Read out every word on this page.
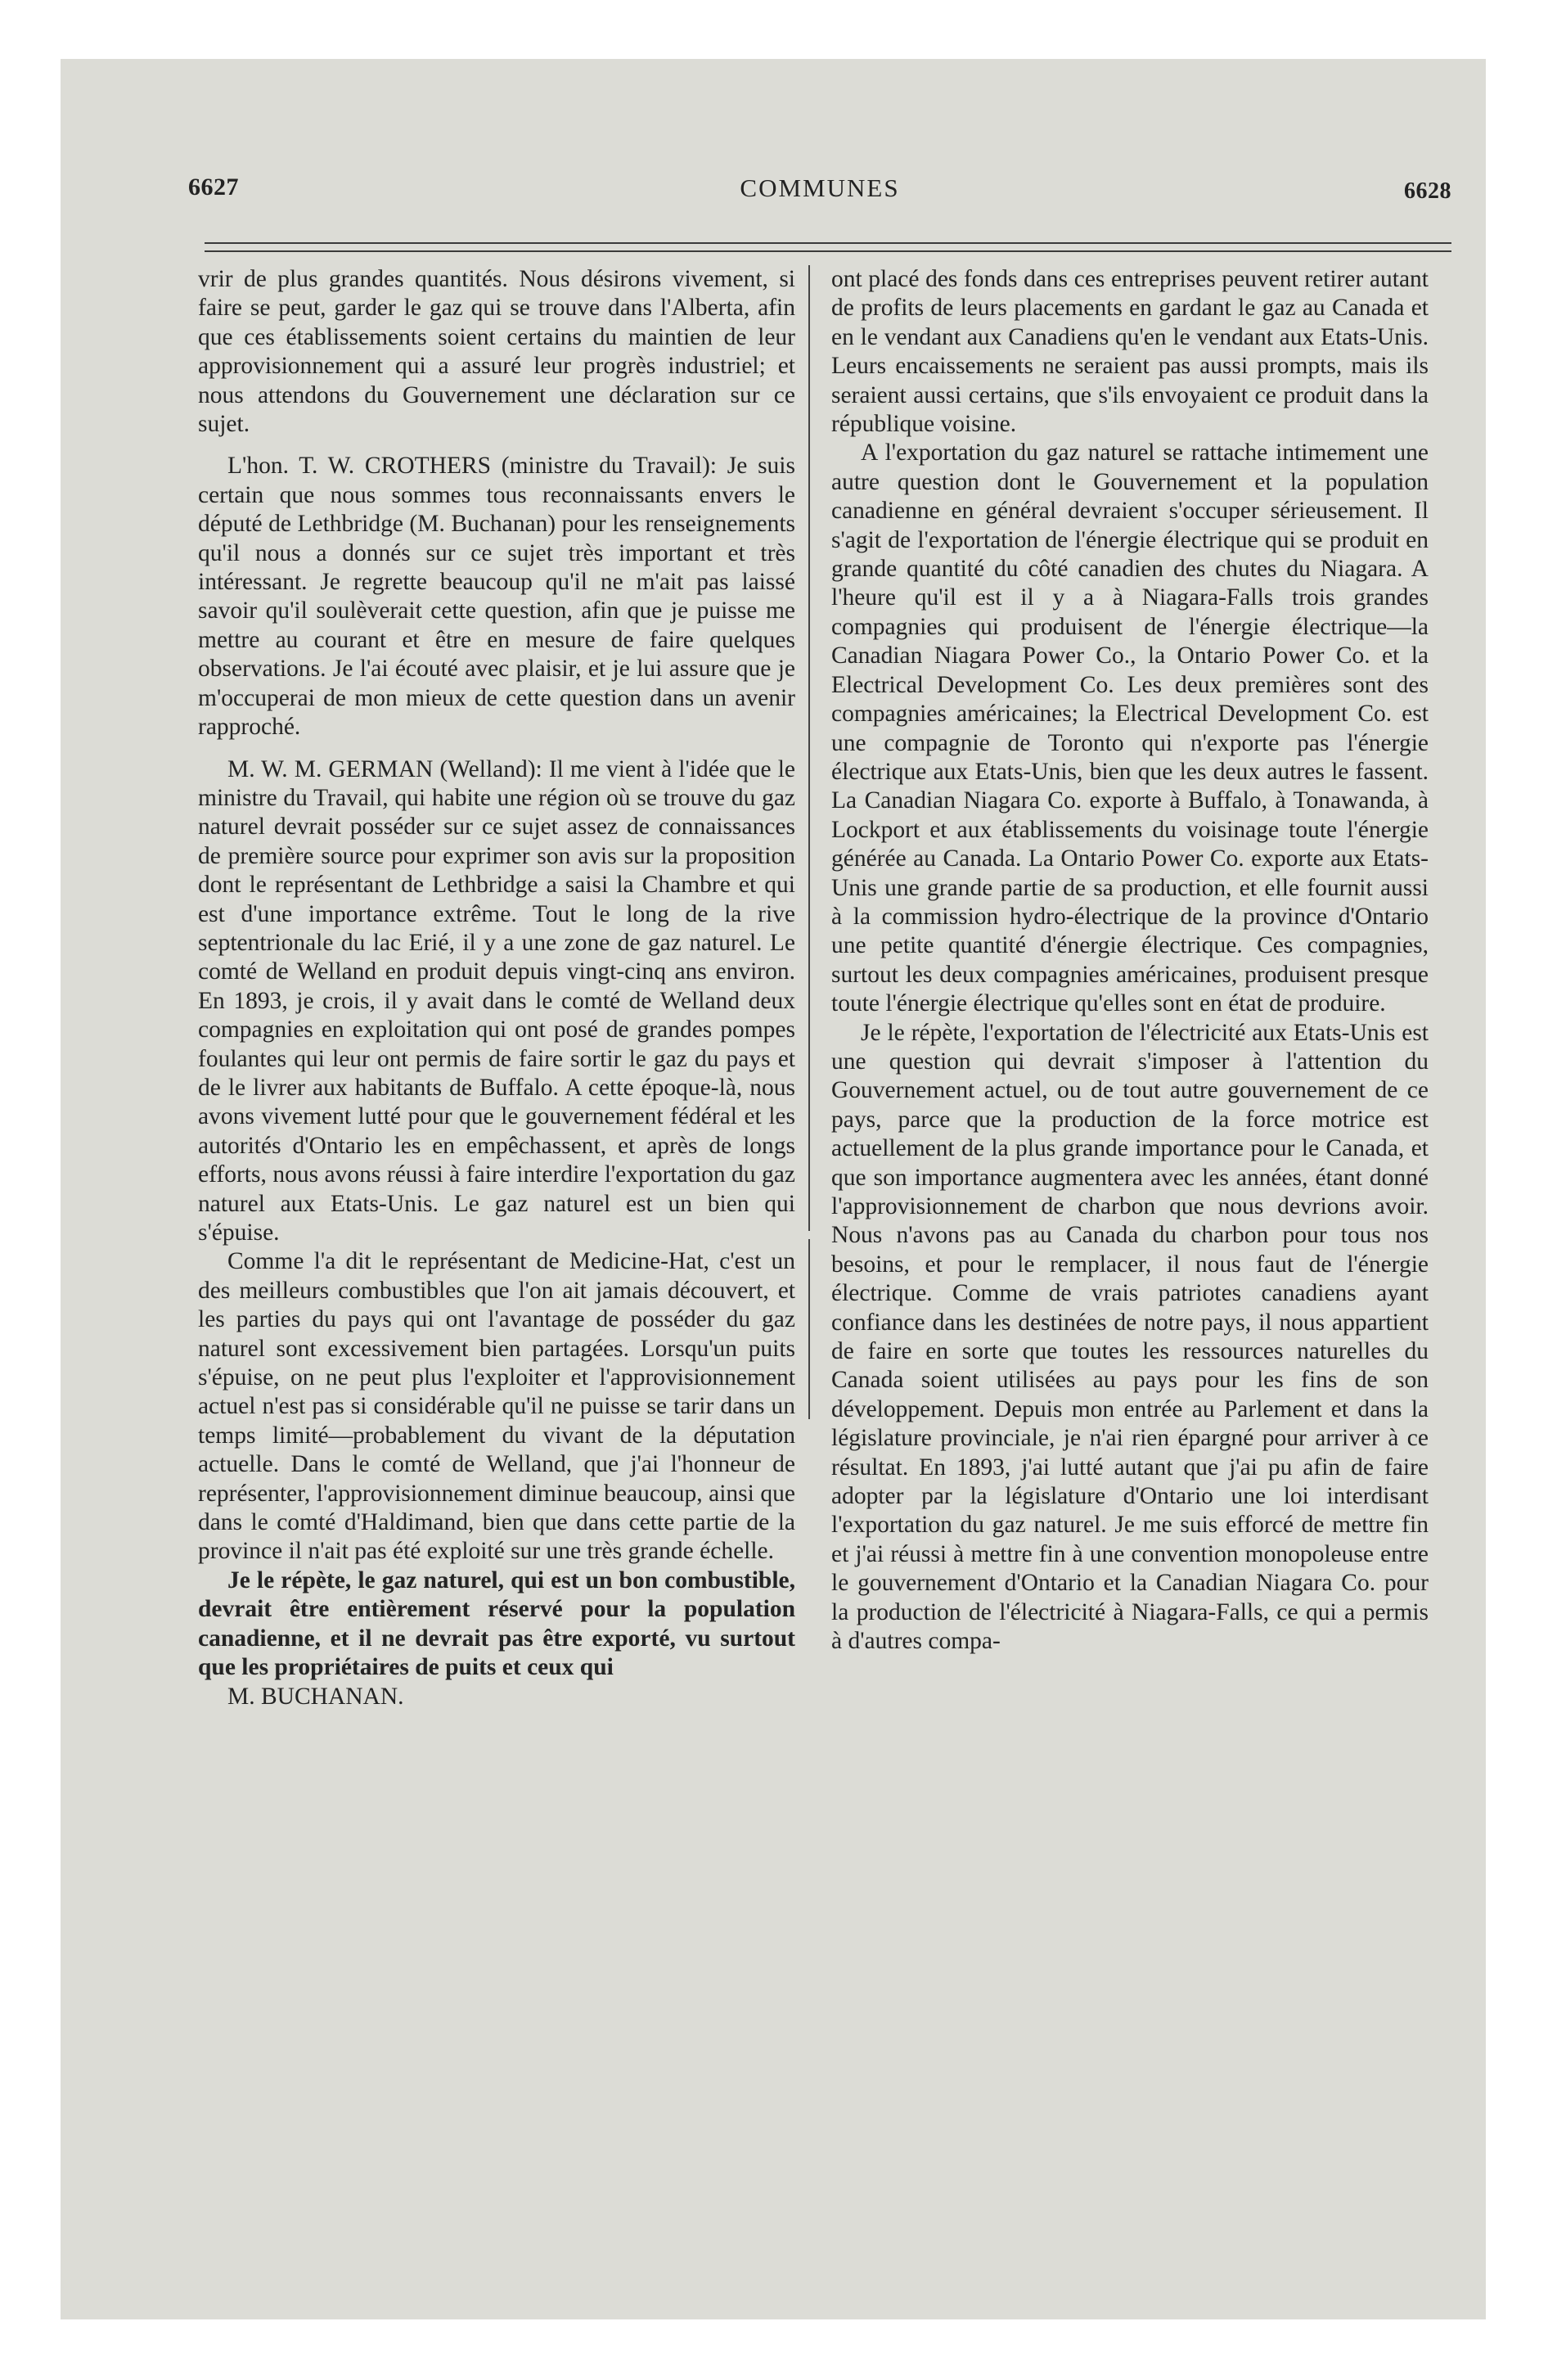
6627	COMMUNES	6628

vrir de plus grandes quantités. Nous désirons vivement, si faire se peut, garder le gaz qui se trouve dans l'Alberta, afin que ces établissements soient certains du maintien de leur approvisionnement qui a assuré leur progrès industriel; et nous attendons du Gouvernement une déclaration sur ce sujet.

L'hon. T. W. CROTHERS (ministre du Travail): Je suis certain que nous sommes tous reconnaissants envers le député de Lethbridge (M. Buchanan) pour les renseignements qu'il nous a donnés sur ce sujet très important et très intéressant. Je regrette beaucoup qu'il ne m'ait pas laissé savoir qu'il soulèverait cette question, afin que je puisse me mettre au courant et être en mesure de faire quelques observations. Je l'ai écouté avec plaisir, et je lui assure que je m'occuperai de mon mieux de cette question dans un avenir rapproché.

M. W. M. GERMAN (Welland): Il me vient à l'idée que le ministre du Travail, qui habite une région où se trouve du gaz naturel devrait posséder sur ce sujet assez de connaissances de première source pour exprimer son avis sur la proposition dont le représentant de Lethbridge a saisi la Chambre et qui est d'une importance extrême. Tout le long de la rive septentrionale du lac Erié, il y a une zone de gaz naturel. Le comté de Welland en produit depuis vingt-cinq ans environ. En 1893, je crois, il y avait dans le comté de Welland deux compagnies en exploitation qui ont posé de grandes pompes foulantes qui leur ont permis de faire sortir le gaz du pays et de le livrer aux habitants de Buffalo. A cette époque-là, nous avons vivement lutté pour que le gouvernement fédéral et les autorités d'Ontario les en empêchassent, et après de longs efforts, nous avons réussi à faire interdire l'exportation du gaz naturel aux Etats-Unis. Le gaz naturel est un bien qui s'épuise.

Comme l'a dit le représentant de Medicine-Hat, c'est un des meilleurs combustibles que l'on ait jamais découvert, et les parties du pays qui ont l'avantage de posséder du gaz naturel sont excessivement bien partagées. Lorsqu'un puits s'épuise, on ne peut plus l'exploiter et l'approvisionnement actuel n'est pas si considérable qu'il ne puisse se tarir dans un temps limité—probablement du vivant de la députation actuelle. Dans le comté de Welland, que j'ai l'honneur de représenter, l'approvisionnement diminue beaucoup, ainsi que dans le comté d'Haldimand, bien que dans cette partie de la province il n'ait pas été exploité sur une très grande échelle.

Je le répète, le gaz naturel, qui est un bon combustible, devrait être entièrement réservé pour la population canadienne, et il ne devrait pas être exporté, vu surtout que les propriétaires de puits et ceux qui

M. BUCHANAN.

ont placé des fonds dans ces entreprises peuvent retirer autant de profits de leurs placements en gardant le gaz au Canada et en le vendant aux Canadiens qu'en le vendant aux Etats-Unis. Leurs encaissements ne seraient pas aussi prompts, mais ils seraient aussi certains, que s'ils envoyaient ce produit dans la république voisine.

A l'exportation du gaz naturel se rattache intimement une autre question dont le Gouvernement et la population canadienne en général devraient s'occuper sérieusement. Il s'agit de l'exportation de l'énergie électrique qui se produit en grande quantité du côté canadien des chutes du Niagara. A l'heure qu'il est il y a à Niagara-Falls trois grandes compagnies qui produisent de l'énergie électrique—la Canadian Niagara Power Co., la Ontario Power Co. et la Electrical Development Co. Les deux premières sont des compagnies américaines; la Electrical Development Co. est une compagnie de Toronto qui n'exporte pas l'énergie électrique aux Etats-Unis, bien que les deux autres le fassent. La Canadian Niagara Co. exporte à Buffalo, à Tonawanda, à Lockport et aux établissements du voisinage toute l'énergie générée au Canada. La Ontario Power Co. exporte aux Etats-Unis une grande partie de sa production, et elle fournit aussi à la commission hydro-électrique de la province d'Ontario une petite quantité d'énergie électrique. Ces compagnies, surtout les deux compagnies américaines, produisent presque toute l'énergie électrique qu'elles sont en état de produire.

Je le répète, l'exportation de l'électricité aux Etats-Unis est une question qui devrait s'imposer à l'attention du Gouvernement actuel, ou de tout autre gouvernement de ce pays, parce que la production de la force motrice est actuellement de la plus grande importance pour le Canada, et que son importance augmentera avec les années, étant donné l'approvisionnement de charbon que nous devrions avoir. Nous n'avons pas au Canada du charbon pour tous nos besoins, et pour le remplacer, il nous faut de l'énergie électrique. Comme de vrais patriotes canadiens ayant confiance dans les destinées de notre pays, il nous appartient de faire en sorte que toutes les ressources naturelles du Canada soient utilisées au pays pour les fins de son développement. Depuis mon entrée au Parlement et dans la législature provinciale, je n'ai rien épargné pour arriver à ce résultat. En 1893, j'ai lutté autant que j'ai pu afin de faire adopter par la législature d'Ontario une loi interdisant l'exportation du gaz naturel. Je me suis efforcé de mettre fin et j'ai réussi à mettre fin à une convention monopoleuse entre le gouvernement d'Ontario et la Canadian Niagara Co. pour la production de l'électricité à Niagara-Falls, ce qui a permis à d'autres compa-
